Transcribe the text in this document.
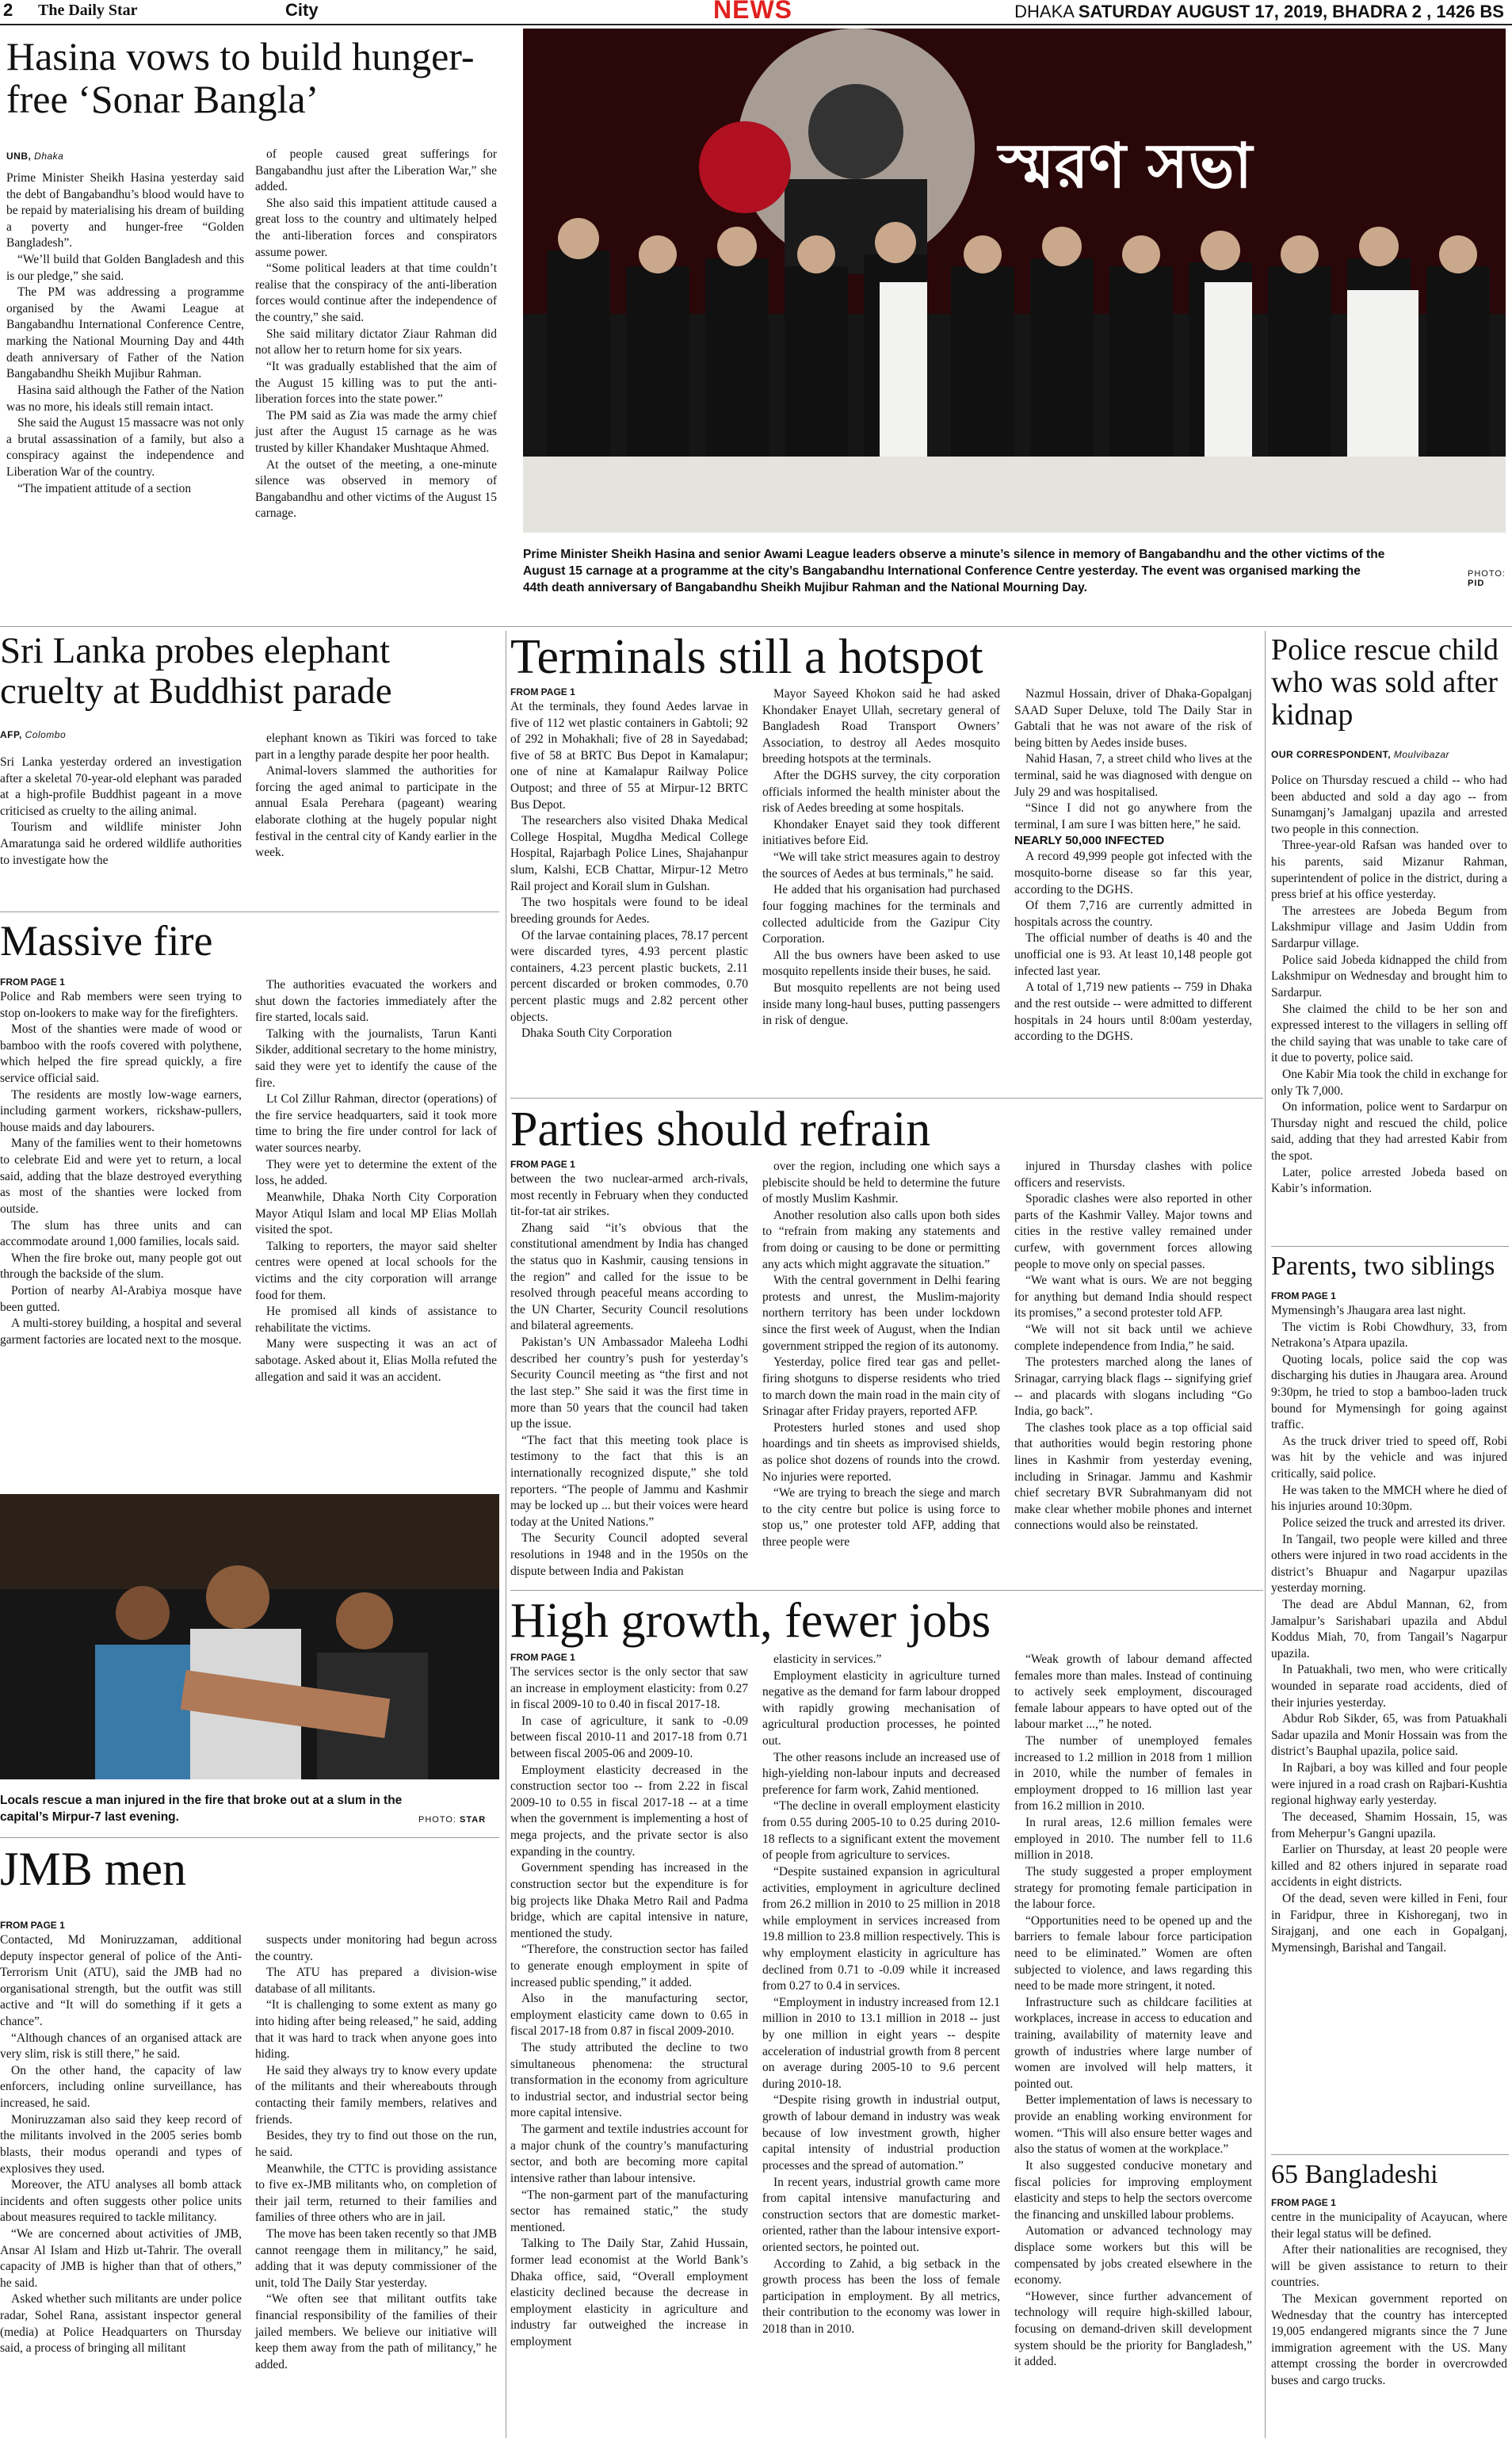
2 The Daily Star	City	NEWS	DHAKA SATURDAY AUGUST 17, 2019, BHADRA 2 , 1426 BS
Hasina vows to build hunger-free ‘Sonar Bangla’
UNB, Dhaka

Prime Minister Sheikh Hasina yesterday said the debt of Bangabandhu’s blood would have to be repaid by materialising his dream of building a poverty and hunger-free “Golden Bangladesh”.

“We’ll build that Golden Bangladesh and this is our pledge,” she said.

The PM was addressing a programme organised by the Awami League at Bangabandhu International Conference Centre, marking the National Mourning Day and 44th death anniversary of Father of the Nation Bangabandhu Sheikh Mujibur Rahman.

Hasina said although the Father of the Nation was no more, his ideals still remain intact.

She said the August 15 massacre was not only a brutal assassination of a family, but also a conspiracy against the independence and Liberation War of the country.

“The impatient attitude of a section

of people caused great sufferings for Bangabandhu just after the Liberation War,” she added.

She also said this impatient attitude caused a great loss to the country and ultimately helped the anti-liberation forces and conspirators assume power.

“Some political leaders at that time couldn’t realise that the conspiracy of the anti-liberation forces would continue after the independence of the country,” she said.

She said military dictator Ziaur Rahman did not allow her to return home for six years.

“It was gradually established that the aim of the August 15 killing was to put the anti-liberation forces into the state power.”

The PM said as Zia was made the army chief just after the August 15 carnage as he was trusted by killer Khandaker Mushtaque Ahmed.

At the outset of the meeting, a one-minute silence was observed in memory of Bangabandhu and other victims of the August 15 carnage.

স্মরণ সভা
Prime Minister Sheikh Hasina and senior Awami League leaders observe a minute’s silence in memory of Bangabandhu and the other victims of the August 15 carnage at a programme at the city’s Bangabandhu International Conference Centre yesterday. The event was organised marking the 44th death anniversary of Bangabandhu Sheikh Mujibur Rahman and the National Mourning Day.
PHOTO:
PID
Sri Lanka probes elephant cruelty at Buddhist parade
AFP, Colombo

Sri Lanka yesterday ordered an investigation after a skeletal 70-year-old elephant was paraded at a high-profile Buddhist pageant in a move criticised as cruelty to the ailing animal.

Tourism and wildlife minister John Amaratunga said he ordered wildlife authorities to investigate how the

elephant known as Tikiri was forced to take part in a lengthy parade despite her poor health.

Animal-lovers slammed the authorities for forcing the aged animal to participate in the annual Esala Perehara (pageant) wearing elaborate clothing at the hugely popular night festival in the central city of Kandy earlier in the week.

Massive fire
FROM PAGE 1

Police and Rab members were seen trying to stop on-lookers to make way for the firefighters.

Most of the shanties were made of wood or bamboo with the roofs covered with polythene, which helped the fire spread quickly, a fire service official said.

The residents are mostly low-wage earners, including garment workers, rickshaw-pullers, house maids and day labourers.

Many of the families went to their hometowns to celebrate Eid and were yet to return, a local said, adding that the blaze destroyed everything as most of the shanties were locked from outside.

The slum has three units and can accommodate around 1,000 families, locals said.

When the fire broke out, many people got out through the backside of the slum.

Portion of nearby Al-Arabiya mosque have been gutted.

A multi-storey building, a hospital and several garment factories are located next to the mosque.

The authorities evacuated the workers and shut down the factories immediately after the fire started, locals said.

Talking with the journalists, Tarun Kanti Sikder, additional secretary to the home ministry, said they were yet to identify the cause of the fire.

Lt Col Zillur Rahman, director (operations) of the fire service headquarters, said it took more time to bring the fire under control for lack of water sources nearby.

They were yet to determine the extent of the loss, he added.

Meanwhile, Dhaka North City Corporation Mayor Atiqul Islam and local MP Elias Mollah visited the spot.

Talking to reporters, the mayor said shelter centres were opened at local schools for the victims and the city corporation will arrange food for them.

He promised all kinds of assistance to rehabilitate the victims.

Many were suspecting it was an act of sabotage. Asked about it, Elias Molla refuted the allegation and said it was an accident.

Locals rescue a man injured in the fire that broke out at a slum in the capital’s Mirpur-7 last evening.	PHOTO: STAR
JMB men
FROM PAGE 1

Contacted, Md Moniruzzaman, additional deputy inspector general of police of the Anti-Terrorism Unit (ATU), said the JMB had no organisational strength, but the outfit was still active and “It will do something if it gets a chance”.

“Although chances of an organised attack are very slim, risk is still there,” he said.

On the other hand, the capacity of law enforcers, including online surveillance, has increased, he said.

Moniruzzaman also said they keep record of the militants involved in the 2005 series bomb blasts, their modus operandi and types of explosives they used.

Moreover, the ATU analyses all bomb attack incidents and often suggests other police units about measures required to tackle militancy.

“We are concerned about activities of JMB, Ansar Al Islam and Hizb ut-Tahrir. The overall capacity of JMB is higher than that of others,” he said.

Asked whether such militants are under police radar, Sohel Rana, assistant inspector general (media) at Police Headquarters on Thursday said, a process of bringing all militant

suspects under monitoring had begun across the country.

The ATU has prepared a division-wise database of all militants.

“It is challenging to some extent as many go into hiding after being released,” he said, adding that it was hard to track when anyone goes into hiding.

He said they always try to know every update of the militants and their whereabouts through contacting their family members, relatives and friends.

Besides, they try to find out those on the run, he said.

Meanwhile, the CTTC is providing assistance to five ex-JMB militants who, on completion of their jail term, returned to their families and families of three others who are in jail.

The move has been taken recently so that JMB cannot reengage them in militancy,” he said, adding that it was deputy commissioner of the unit, told The Daily Star yesterday.

“We often see that militant outfits take financial responsibility of the families of their jailed members. We believe our initiative will keep them away from the path of militancy,” he added.

Terminals still a hotspot
FROM PAGE 1

At the terminals, they found Aedes larvae in five of 112 wet plastic containers in Gabtoli; 92 of 292 in Mohakhali; five of 28 in Sayedabad; five of 58 at BRTC Bus Depot in Kamalapur; one of nine at Kamalapur Railway Police Outpost; and three of 55 at Mirpur-12 BRTC Bus Depot.

The researchers also visited Dhaka Medical College Hospital, Mugdha Medical College Hospital, Rajarbagh Police Lines, Shajahanpur slum, Kalshi, ECB Chattar, Mirpur-12 Metro Rail project and Korail slum in Gulshan.

The two hospitals were found to be ideal breeding grounds for Aedes.

Of the larvae containing places, 78.17 percent were discarded tyres, 4.93 percent plastic containers, 4.23 percent plastic buckets, 2.11 percent discarded or broken commodes, 0.70 percent plastic mugs and 2.82 percent other objects.

Dhaka South City Corporation

Mayor Sayeed Khokon said he had asked Khondaker Enayet Ullah, secretary general of Bangladesh Road Transport Owners’ Association, to destroy all Aedes mosquito breeding hotspots at the terminals.

After the DGHS survey, the city corporation officials informed the health minister about the risk of Aedes breeding at some hospitals.

Khondaker Enayet said they took different initiatives before Eid.

“We will take strict measures again to destroy the sources of Aedes at bus terminals,” he said.

He added that his organisation had purchased four fogging machines for the terminals and collected adulticide from the Gazipur City Corporation.

All the bus owners have been asked to use mosquito repellents inside their buses, he said.

But mosquito repellents are not being used inside many long-haul buses, putting passengers in risk of dengue.

Nazmul Hossain, driver of Dhaka-Gopalganj SAAD Super Deluxe, told The Daily Star in Gabtali that he was not aware of the risk of being bitten by Aedes inside buses.

Nahid Hasan, 7, a street child who lives at the terminal, said he was diagnosed with dengue on July 29 and was hospitalised.

“Since I did not go anywhere from the terminal, I am sure I was bitten here,” he said.

NEARLY 50,000 INFECTED

A record 49,999 people got infected with the mosquito-borne disease so far this year, according to the DGHS.

Of them 7,716 are currently admitted in hospitals across the country.

The official number of deaths is 40 and the unofficial one is 93. At least 10,148 people got infected last year.

A total of 1,719 new patients -- 759 in Dhaka and the rest outside -- were admitted to different hospitals in 24 hours until 8:00am yesterday, according to the DGHS.

Parties should refrain
FROM PAGE 1

between the two nuclear-armed arch-rivals, most recently in February when they conducted tit-for-tat air strikes.

Zhang said “it’s obvious that the constitutional amendment by India has changed the status quo in Kashmir, causing tensions in the region” and called for the issue to be resolved through peaceful means according to the UN Charter, Security Council resolutions and bilateral agreements.

Pakistan’s UN Ambassador Maleeha Lodhi described her country’s push for yesterday’s Security Council meeting as “the first and not the last step.” She said it was the first time in more than 50 years that the council had taken up the issue.

“The fact that this meeting took place is testimony to the fact that this is an internationally recognized dispute,” she told reporters. “The people of Jammu and Kashmir may be locked up ... but their voices were heard today at the United Nations.”

The Security Council adopted several resolutions in 1948 and in the 1950s on the dispute between India and Pakistan

over the region, including one which says a plebiscite should be held to determine the future of mostly Muslim Kashmir.

Another resolution also calls upon both sides to “refrain from making any statements and from doing or causing to be done or permitting any acts which might aggravate the situation.”

With the central government in Delhi fearing protests and unrest, the Muslim-majority northern territory has been under lockdown since the first week of August, when the Indian government stripped the region of its autonomy.

Yesterday, police fired tear gas and pellet-firing shotguns to disperse residents who tried to march down the main road in the main city of Srinagar after Friday prayers, reported AFP.

Protesters hurled stones and used shop hoardings and tin sheets as improvised shields, as police shot dozens of rounds into the crowd. No injuries were reported.

“We are trying to breach the siege and march to the city centre but police is using force to stop us,” one protester told AFP, adding that three people were

injured in Thursday clashes with police officers and reservists.

Sporadic clashes were also reported in other parts of the Kashmir Valley. Major towns and cities in the restive valley remained under curfew, with government forces allowing people to move only on special passes.

“We want what is ours. We are not begging for anything but demand India should respect its promises,” a second protester told AFP.

“We will not sit back until we achieve complete independence from India,” he said.

The protesters marched along the lanes of Srinagar, carrying black flags -- signifying grief -- and placards with slogans including “Go India, go back”.

The clashes took place as a top official said that authorities would begin restoring phone lines in Kashmir from yesterday evening, including in Srinagar. Jammu and Kashmir chief secretary BVR Subrahmanyam did not make clear whether mobile phones and internet connections would also be reinstated.

High growth, fewer jobs
FROM PAGE 1

The services sector is the only sector that saw an increase in employment elasticity: from 0.27 in fiscal 2009-10 to 0.40 in fiscal 2017-18.

In case of agriculture, it sank to -0.09 between fiscal 2010-11 and 2017-18 from 0.71 between fiscal 2005-06 and 2009-10.

Employment elasticity decreased in the construction sector too -- from 2.22 in fiscal 2009-10 to 0.55 in fiscal 2017-18 -- at a time when the government is implementing a host of mega projects, and the private sector is also expanding in the country.

Government spending has increased in the construction sector but the expenditure is for big projects like Dhaka Metro Rail and Padma bridge, which are capital intensive in nature, mentioned the study.

“Therefore, the construction sector has failed to generate enough employment in spite of increased public spending,” it added.

Also in the manufacturing sector, employment elasticity came down to 0.65 in fiscal 2017-18 from 0.87 in fiscal 2009-2010.

The study attributed the decline to two simultaneous phenomena: the structural transformation in the economy from agriculture to industrial sector, and industrial sector being more capital intensive.

The garment and textile industries account for a major chunk of the country’s manufacturing sector, and both are becoming more capital intensive rather than labour intensive.

“The non-garment part of the manufacturing sector has remained static,” the study mentioned.

Talking to The Daily Star, Zahid Hussain, former lead economist at the World Bank’s Dhaka office, said, “Overall employment elasticity declined because the decrease in employment elasticity in agriculture and industry far outweighed the increase in employment

elasticity in services.”

Employment elasticity in agriculture turned negative as the demand for farm labour dropped with rapidly growing mechanisation of agricultural production processes, he pointed out.

The other reasons include an increased use of high-yielding non-labour inputs and decreased preference for farm work, Zahid mentioned.

“The decline in overall employment elasticity from 0.55 during 2005-10 to 0.25 during 2010-18 reflects to a significant extent the movement of people from agriculture to services.

“Despite sustained expansion in agricultural activities, employment in agriculture declined from 26.2 million in 2010 to 25 million in 2018 while employment in services increased from 19.8 million to 23.8 million respectively. This is why employment elasticity in agriculture has declined from 0.71 to -0.09 while it increased from 0.27 to 0.4 in services.

“Employment in industry increased from 12.1 million in 2010 to 13.1 million in 2018 -- just by one million in eight years -- despite acceleration of industrial growth from 8 percent on average during 2005-10 to 9.6 percent during 2010-18.

“Despite rising growth in industrial output, growth of labour demand in industry was weak because of low investment growth, higher capital intensity of industrial production processes and the spread of automation.”

In recent years, industrial growth came more from capital intensive manufacturing and construction sectors that are domestic market-oriented, rather than the labour intensive export-oriented sectors, he pointed out.

According to Zahid, a big setback in the growth process has been the loss of female participation in employment. By all metrics, their contribution to the economy was lower in 2018 than in 2010.

“Weak growth of labour demand affected females more than males. Instead of continuing to actively seek employment, discouraged female labour appears to have opted out of the labour market ...,” he noted.

The number of unemployed females increased to 1.2 million in 2018 from 1 million in 2010, while the number of females in employment dropped to 16 million last year from 16.2 million in 2010.

In rural areas, 12.6 million females were employed in 2010. The number fell to 11.6 million in 2018.

The study suggested a proper employment strategy for promoting female participation in the labour force.

“Opportunities need to be opened up and the barriers to female labour force participation need to be eliminated.” Women are often subjected to violence, and laws regarding this need to be made more stringent, it noted.

Infrastructure such as childcare facilities at workplaces, increase in access to education and training, availability of maternity leave and growth of industries where large number of women are involved will help matters, it pointed out.

Better implementation of laws is necessary to provide an enabling working environment for women. “This will also ensure better wages and also the status of women at the workplace.”

It also suggested conducive monetary and fiscal policies for improving employment elasticity and steps to help the sectors overcome the financing and unskilled labour problems.

Automation or advanced technology may displace some workers but this will be compensated by jobs created elsewhere in the economy.

“However, since further advancement of technology will require high-skilled labour, focusing on demand-driven skill development system should be the priority for Bangladesh,” it added.

Police rescue child who was sold after kidnap
OUR CORRESPONDENT, Moulvibazar

Police on Thursday rescued a child -- who had been abducted and sold a day ago -- from Sunamganj’s Jamalganj upazila and arrested two people in this connection.

Three-year-old Rafsan was handed over to his parents, said Mizanur Rahman, superintendent of police in the district, during a press brief at his office yesterday.

The arrestees are Jobeda Begum from Lakshmipur village and Jasim Uddin from Sardarpur village.

Police said Jobeda kidnapped the child from Lakshmipur on Wednesday and brought him to Sardarpur.

She claimed the child to be her son and expressed interest to the villagers in selling off the child saying that was unable to take care of it due to poverty, police said.

One Kabir Mia took the child in exchange for only Tk 7,000.

On information, police went to Sardarpur on Thursday night and rescued the child, police said, adding that they had arrested Kabir from the spot.

Later, police arrested Jobeda based on Kabir’s information.

Parents, two siblings
FROM PAGE 1

Mymensingh’s Jhaugara area last night.

The victim is Robi Chowdhury, 33, from Netrakona’s Atpara upazila.

Quoting locals, police said the cop was discharging his duties in Jhaugara area. Around 9:30pm, he tried to stop a bamboo-laden truck bound for Mymensingh for going against traffic.

As the truck driver tried to speed off, Robi was hit by the vehicle and was injured critically, said police.

He was taken to the MMCH where he died of his injuries around 10:30pm.

Police seized the truck and arrested its driver.

In Tangail, two people were killed and three others were injured in two road accidents in the district’s Bhuapur and Nagarpur upazilas yesterday morning.

The dead are Abdul Mannan, 62, from Jamalpur’s Sarishabari upazila and Abdul Koddus Miah, 70, from Tangail’s Nagarpur upazila.

In Patuakhali, two men, who were critically wounded in separate road accidents, died of their injuries yesterday.

Abdur Rob Sikder, 65, was from Patuakhali Sadar upazila and Monir Hossain was from the district’s Bauphal upazila, police said.

In Rajbari, a boy was killed and four people were injured in a road crash on Rajbari-Kushtia regional highway early yesterday.

The deceased, Shamim Hossain, 15, was from Meherpur’s Gangni upazila.

Earlier on Thursday, at least 20 people were killed and 82 others injured in separate road accidents in eight districts.

Of the dead, seven were killed in Feni, four in Faridpur, three in Kishoreganj, two in Sirajganj, and one each in Gopalganj, Mymensingh, Barishal and Tangail.

65 Bangladeshi
FROM PAGE 1

centre in the municipality of Acayucan, where their legal status will be defined.

After their nationalities are recognised, they will be given assistance to return to their countries.

The Mexican government reported on Wednesday that the country has intercepted 19,005 endangered migrants since the 7 June immigration agreement with the US. Many attempt crossing the border in overcrowded buses and cargo trucks.
